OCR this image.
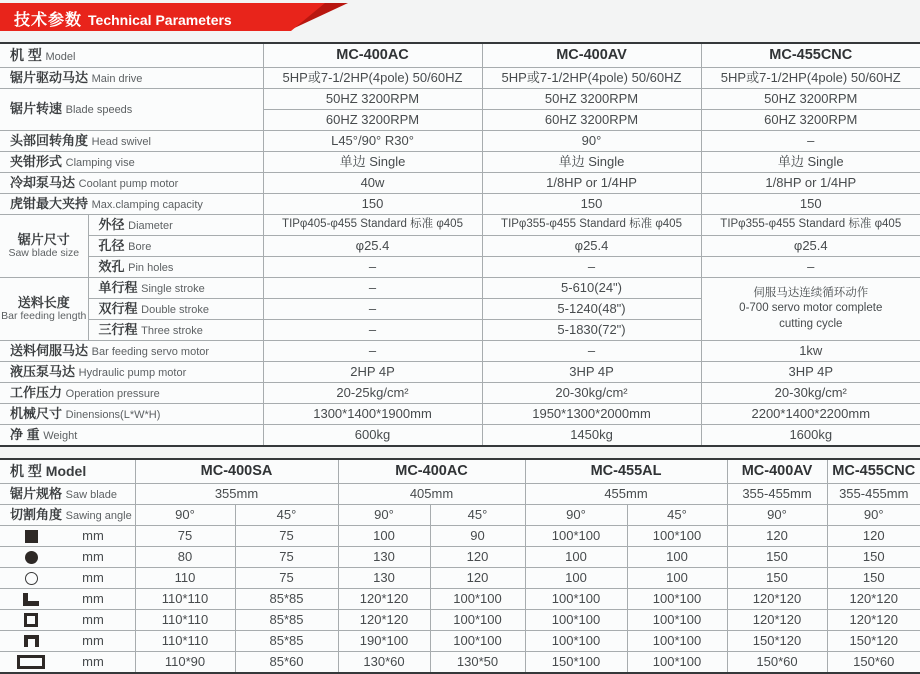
技术参数 Technical Parameters
机 型 Model		MC-400AC	MC-400AV	MC-455CNC
锯片驱动马达 Main drive		5HP或7-1/2HP(4pole) 50/60HZ	5HP或7-1/2HP(4pole) 50/60HZ	5HP或7-1/2HP(4pole) 50/60HZ
锯片转速 Blade speeds		50HZ 3200RPM	50HZ 3200RPM	50HZ 3200RPM
		60HZ 3200RPM	60HZ 3200RPM	60HZ 3200RPM
头部回转角度 Head swivel		L45°/90° R30°	90°	–
夹钳形式 Clamping vise		单边 Single	单边 Single	单边 Single
冷却泵马达 Coolant pump motor		40w	1/8HP or 1/4HP	1/8HP or 1/4HP
虎钳最大夹持 Max.clamping capacity		150	150	150

锯片尺寸
Saw blade size	外径 Diameter	TIPφ405-φ455 Standard 标准 φ405	TIPφ355-φ455 Standard 标准 φ405	TIPφ355-φ455 Standard 标准 φ405
	孔径 Bore	φ25.4	φ25.4	φ25.4
	效孔 Pin holes	–	–	–

送料长度
Bar feeding length
	单行程 Single stroke	–	5-610(24")	伺服马达连续循环动作
0-700 servo motor complete
cutting cycle

	双行程 Double stroke	–	5-1240(48")	
	三行程 Three stroke	–	5-1830(72")	
送料伺服马达 Bar feeding servo motor		–	–	1kw
液压泵马达 Hydraulic pump motor		2HP 4P	3HP 4P	3HP 4P
工作压力 Operation pressure		20-25kg/cm²	20-30kg/cm²	20-30kg/cm²
机械尺寸 Dinensions(L*W*H)		1300*1400*1900mm	1950*1300*2000mm	2200*1400*2200mm
净 重 Weight		600kg	1450kg	1600kg
机 型 Model	MC-400SA		MC-400AC		MC-455AL		MC-400AV	MC-455CNC
锯片规格 Saw blade	355mm		405mm		455mm		355-455mm	355-455mm
切割角度 Sawing angle	90°	45°	90°	45°	90°	45°	90°	90°

mm	75	75	100	90	100*100	100*100	120	120

mm	80	75	130	120	100	100	150	150

mm	110	75	130	120	100	100	150	150

mm	110*110	85*85	120*120	100*100	100*100	100*100	120*120	120*120

mm	110*110	85*85	120*120	100*100	100*100	100*100	120*120	120*120

mm	110*110	85*85	190*100	100*100	100*100	100*100	150*120	150*120

mm	110*90	85*60	130*60	130*50	150*100	100*100	150*60	150*60
